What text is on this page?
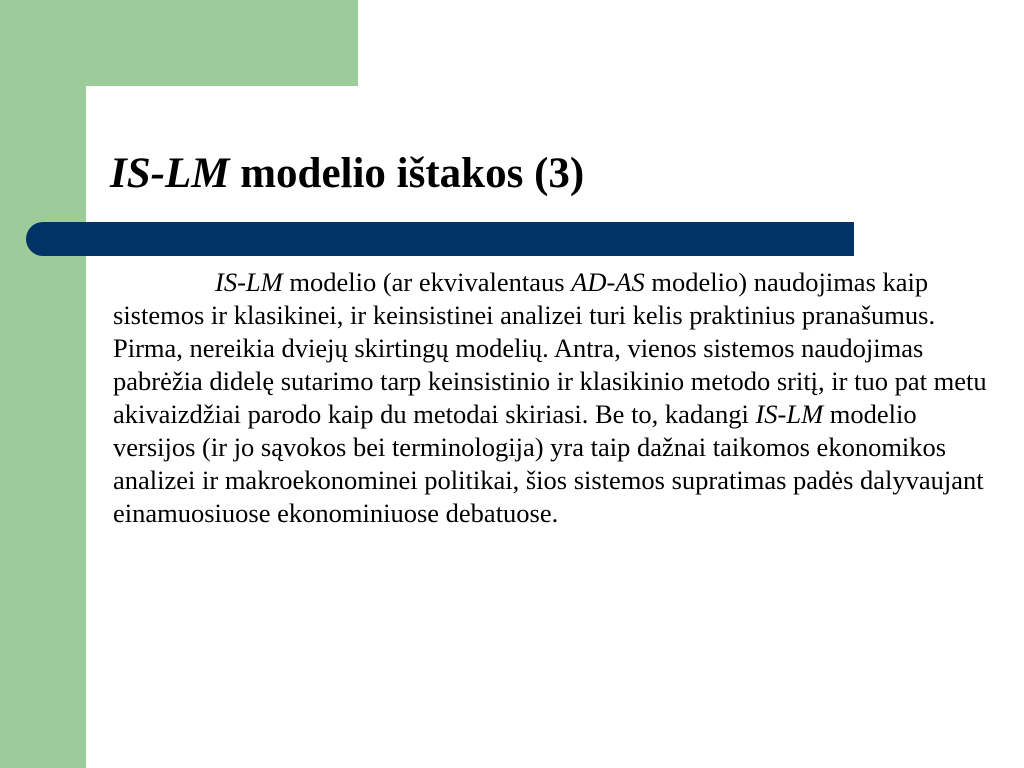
IS-LM modelio ištakos (3)

IS-LM modelio (ar ekvivalentaus AD-AS modelio) naudojimas kaip sistemos ir klasikinei, ir keinsistinei analizei turi kelis praktinius pranašumus. Pirma, nereikia dviejų skirtingų modelių. Antra, vienos sistemos naudojimas pabrėžia didelę sutarimo tarp keinsistinio ir klasikinio metodo sritį, ir tuo pat metu akivaizdžiai parodo kaip du metodai skiriasi. Be to, kadangi IS-LM modelio versijos (ir jo sąvokos bei terminologija) yra taip dažnai taikomos ekonomikos analizei ir makroekonominei politikai, šios sistemos supratimas padės dalyvaujant einamuosiuose ekonominiuose debatuose.
